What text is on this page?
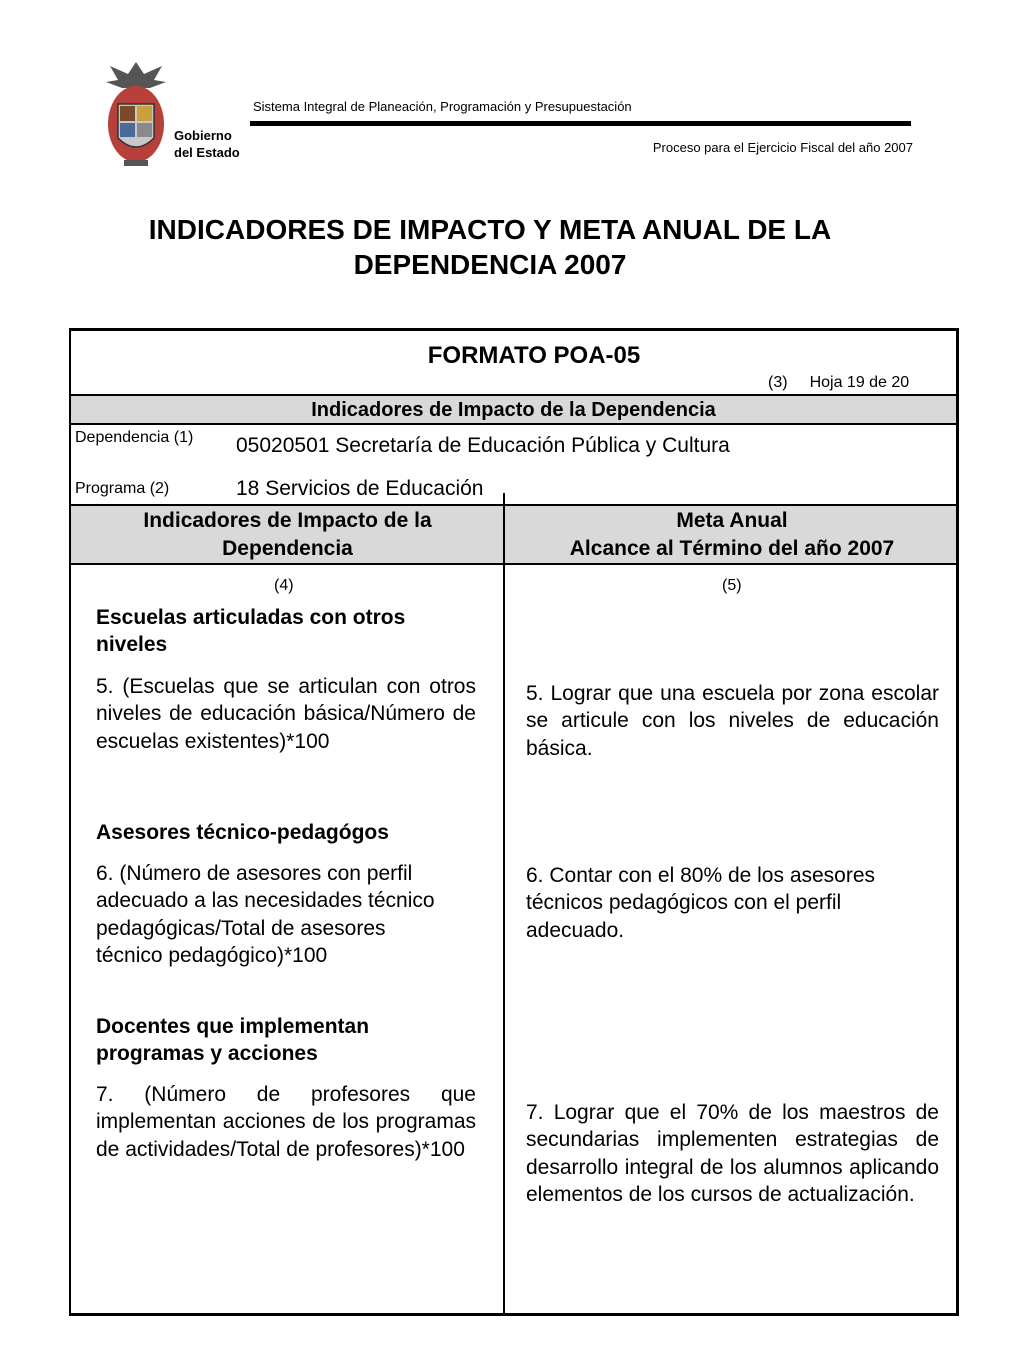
Gobierno
del Estado
Sistema Integral de Planeación, Programación y Presupuestación
Proceso para el Ejercicio Fiscal del año 2007
INDICADORES DE IMPACTO Y META ANUAL DE LA
DEPENDENCIA 2007
FORMATO POA-05
(3) Hoja 19 de 20
Indicadores de Impacto de la Dependencia
Dependencia (1) 05020501 Secretaría de Educación Pública y Cultura
Programa (2)	18 Servicios de Educación
Indicadores de Impacto de la
Dependencia
Meta Anual
Alcance al Término del año 2007
(4)	(5)
Escuelas articuladas con otros
niveles
5. (Escuelas que se articulan con otros niveles de educación básica/Número de escuelas existentes)*100
5. Lograr que una escuela por zona escolar se articule con los niveles de educación básica.
Asesores técnico-pedagógos
6. (Número de asesores con perfil
adecuado a las necesidades técnico
pedagógicas/Total de asesores
técnico pedagógico)*100
6. Contar con el 80% de los asesores
técnicos pedagógicos con el perfil
adecuado.
Docentes que implementan
programas y acciones
7. (Número de profesores que implementan acciones de los programas de actividades/Total de profesores)*100
7. Lograr que el 70% de los maestros de secundarias implementen estrategias de desarrollo integral de los alumnos aplicando elementos de los cursos de actualización.
